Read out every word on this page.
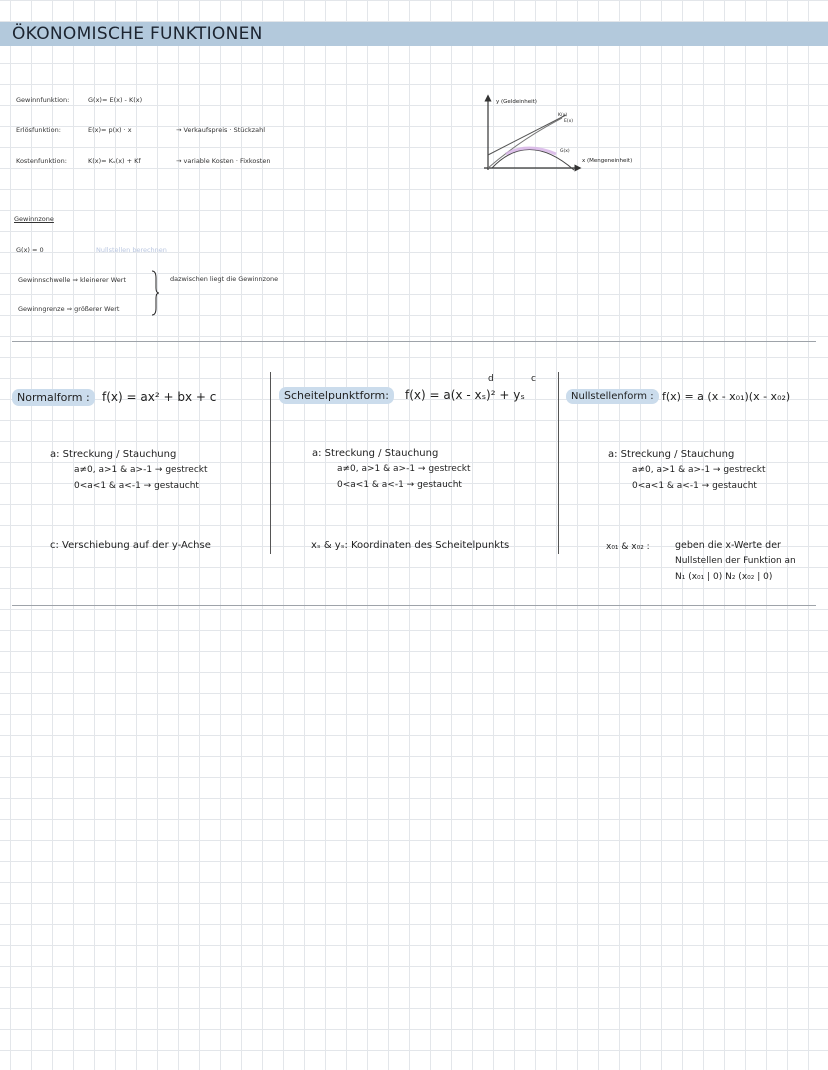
ÖKONOMISCHE FUNKTIONEN
Gewinnfunktion:	G(x)= E(x) - K(x)
Erlösfunktion:	E(x)= p(x) · x	→ Verkaufspreis · Stückzahl
Kostenfunktion:	K(x)= Kᵥ(x) + Kf	→ variable Kosten · Fixkosten
y (Geldeinheit)
x (Mengeneinheit)
K(x)
E(x)
G(x)
Gewinnzone
G(x) = 0	Nullstellen berechnen
Gewinnschwelle ⇒ kleinerer Wert
Gewinngrenze ⇒ größerer Wert
dazwischen liegt die Gewinnzone
Normalform :	f(x) = ax² + bx + c
a: Streckung / Stauchung
a≠0, a>1 & a>-1 → gestreckt
0<a<1 & a<-1 → gestaucht
c: Verschiebung auf der y-Achse
d	c
Scheitelpunktform:	f(x) = a(x - xₛ)² + yₛ
a: Streckung / Stauchung
a≠0, a>1 & a>-1 → gestreckt
0<a<1 & a<-1 → gestaucht
xₛ & yₛ: Koordinaten des Scheitelpunkts
Nullstellenform : f(x) = a (x - x₀₁)(x - x₀₂)
a: Streckung / Stauchung
a≠0, a>1 & a>-1 → gestreckt
0<a<1 & a<-1 → gestaucht
x₀₁ & x₀₂ :	geben die x-Werte der
Nullstellen der Funktion an
N₁ (x₀₁ | 0) N₂ (x₀₂ | 0)
